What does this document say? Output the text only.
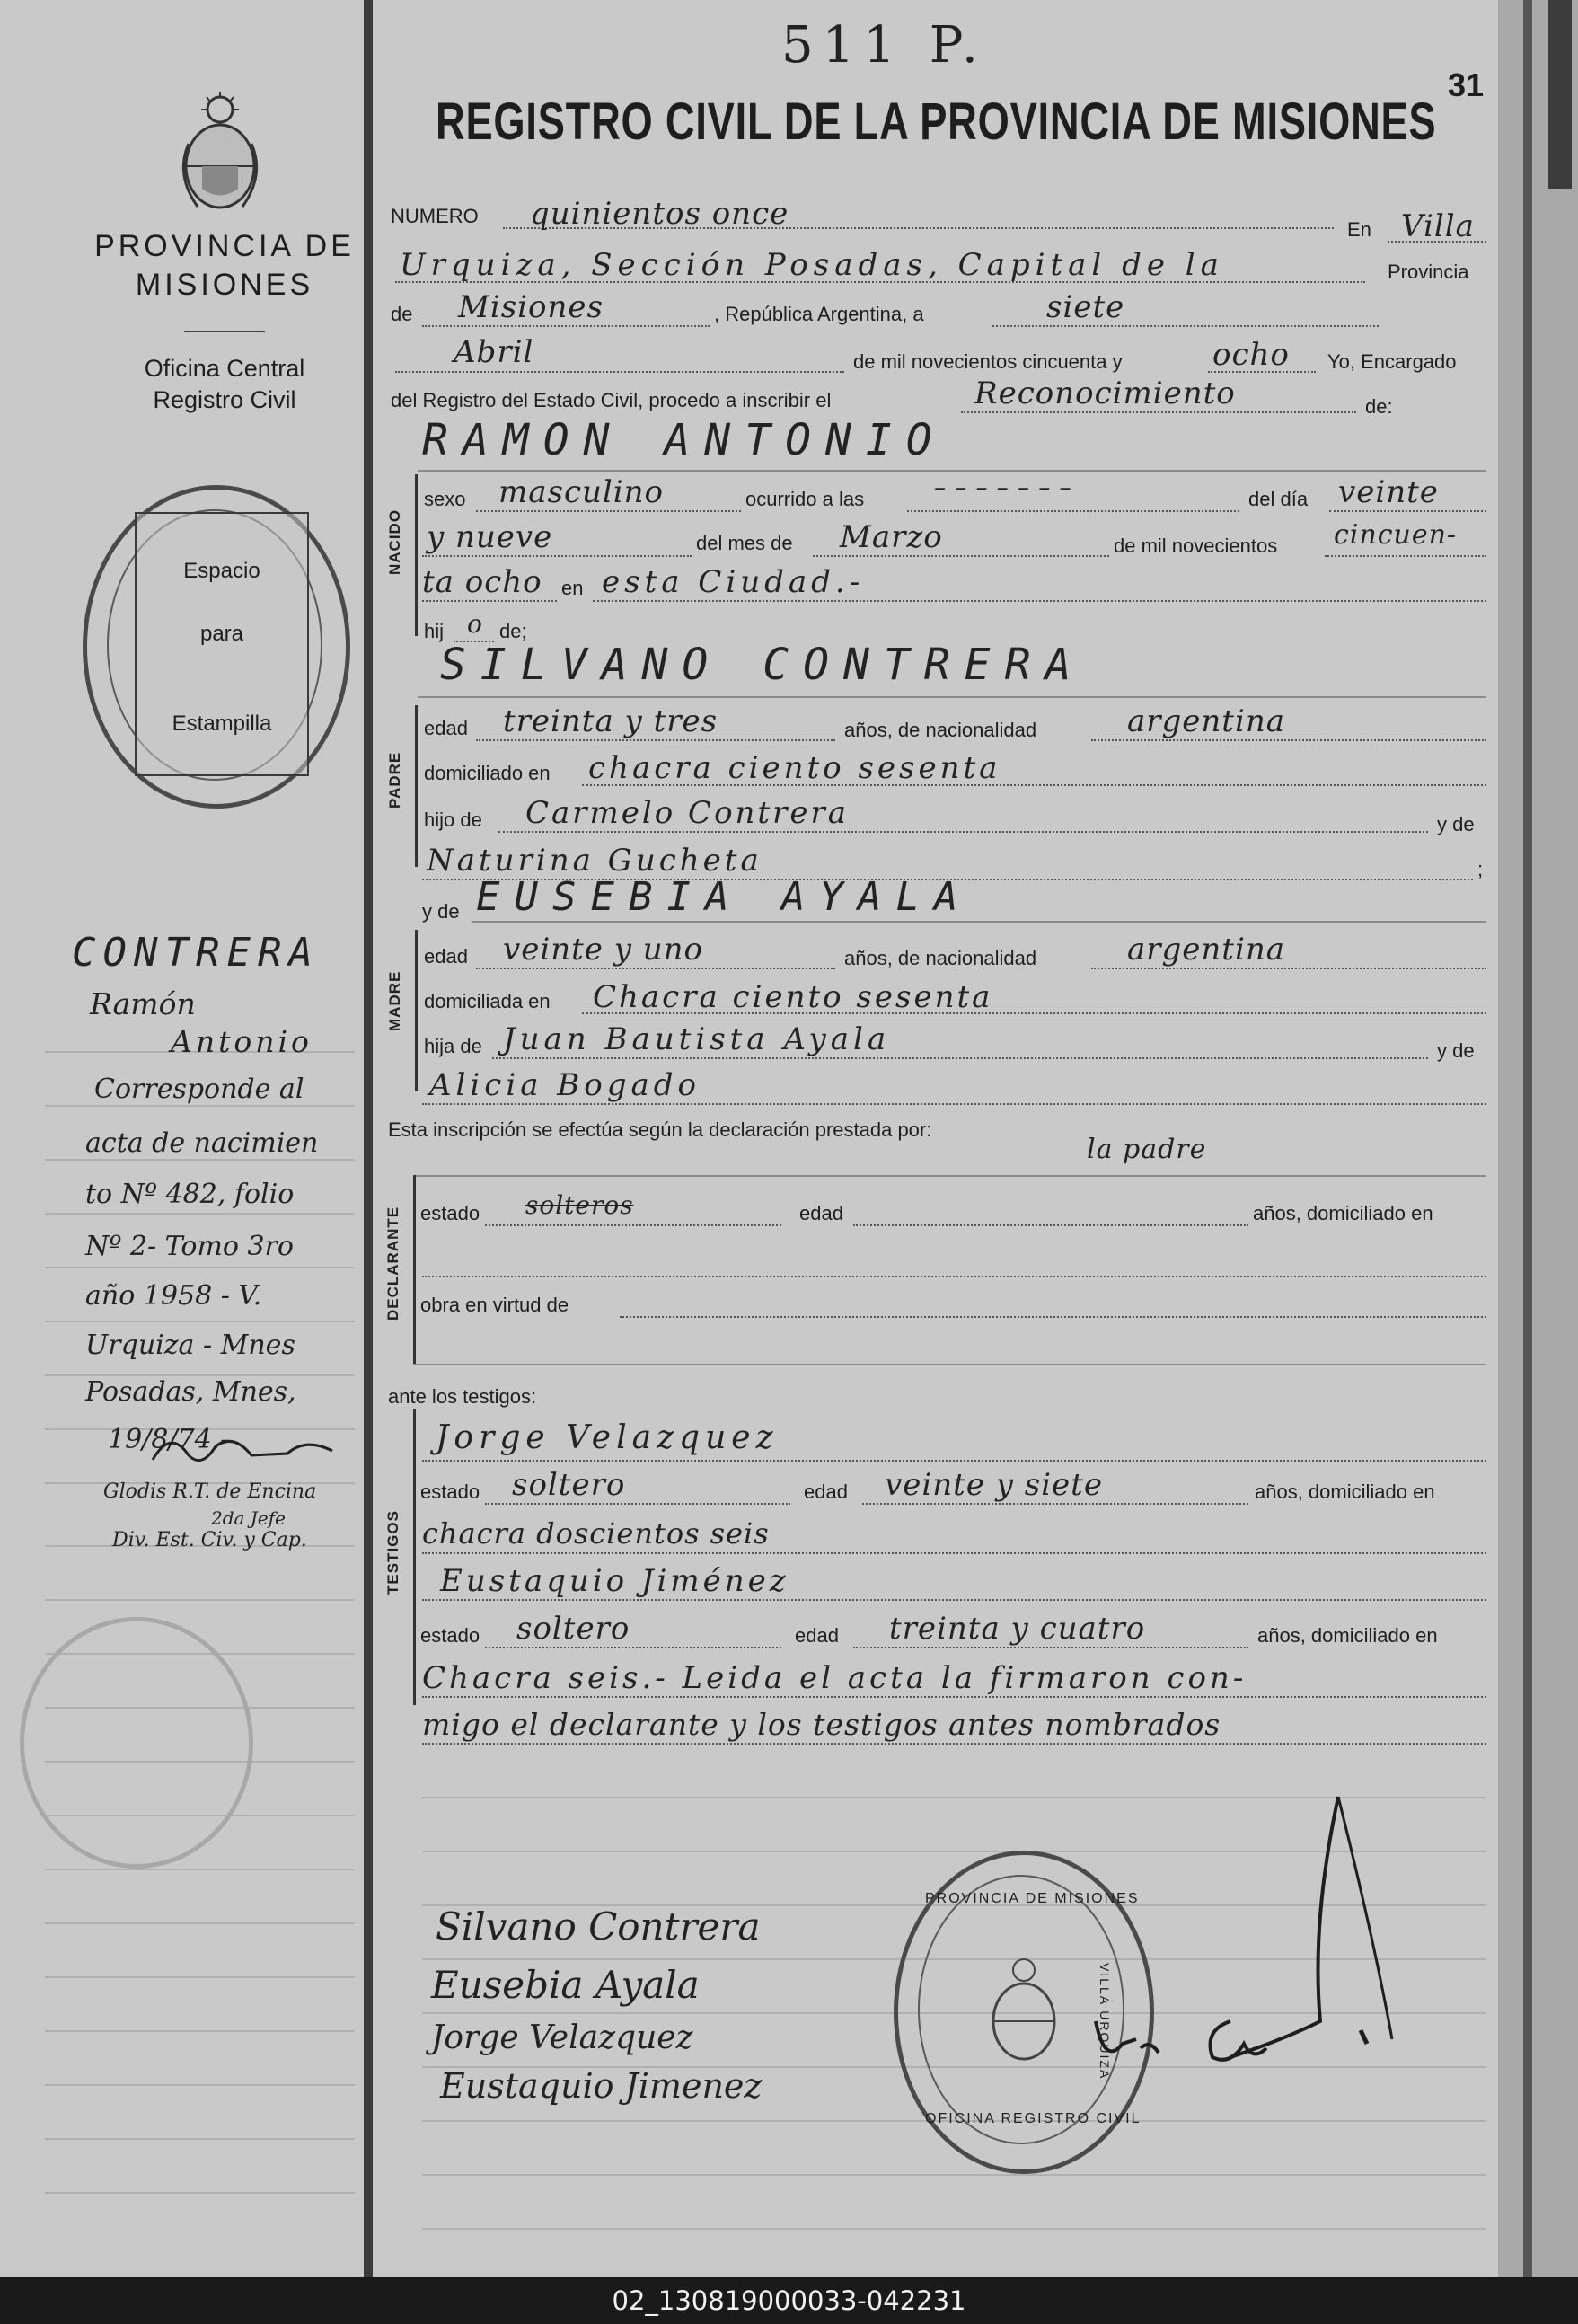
511 P.
31
PROVINCIA DE
MISIONES
Oficina Central
Registro Civil
Espacio
para
Estampilla
CONTRERA
Ramón
Antonio
Corresponde al
acta de nacimien
to Nº 482, folio
Nº 2- Tomo 3ro
año 1958 - V.
Urquiza - Mnes
Posadas, Mnes,
19/8/74.-
Glodis R.T. de Encina
2da Jefe
Div. Est. Civ. y Cap.
REGISTRO CIVIL DE LA PROVINCIA DE MISIONES
NUMERO quinientos once	En Villa
Urquiza, Sección Posadas, Capital de la	Provincia
de Misiones	, República Argentina, a	siete
Abril	de mil novecientos cincuenta y	ocho Yo, Encargado
del Registro del Estado Civil, procedo a inscribir el	Reconocimiento	de:
RAMON ANTONIO
NACIDO
sexo masculino	ocurrido a las	– – – – – – –	del día veinte
y nueve	del mes de Marzo	de mil novecientos cincuen-
ta ocho en esta Ciudad.-
hij o de;
SILVANO CONTRERA
PADRE
edad treinta y tres	años, de nacionalidad	argentina
domiciliado en chacra ciento sesenta
hijo de Carmelo Contrera	y de
Naturina Gucheta	;
y de EUSEBIA AYALA
MADRE
edad veinte y uno	años, de nacionalidad	argentina
domiciliada en Chacra ciento sesenta
hija de Juan Bautista Ayala	y de
Alicia Bogado
Esta inscripción se efectúa según la declaración prestada por:
la padre
DECLARANTE estado solteros	edad	años, domiciliado en
obra en virtud de
ante los testigos:
TESTIGOS
Jorge Velazquez
estado soltero	edad veinte y siete	años, domiciliado en
chacra doscientos seis
Eustaquio Jiménez
estado soltero	edad treinta y cuatro	años, domiciliado en
Chacra seis.- Leida el acta la firmaron con-
migo el declarante y los testigos antes nombrados
Silvano Contrera
Eusebia Ayala
Jorge Velazquez
Eustaquio Jimenez
PROVINCIA DE MISIONES
OFICINA REGISTRO CIVIL
VILLA URQUIZA
02_130819000033-042231
